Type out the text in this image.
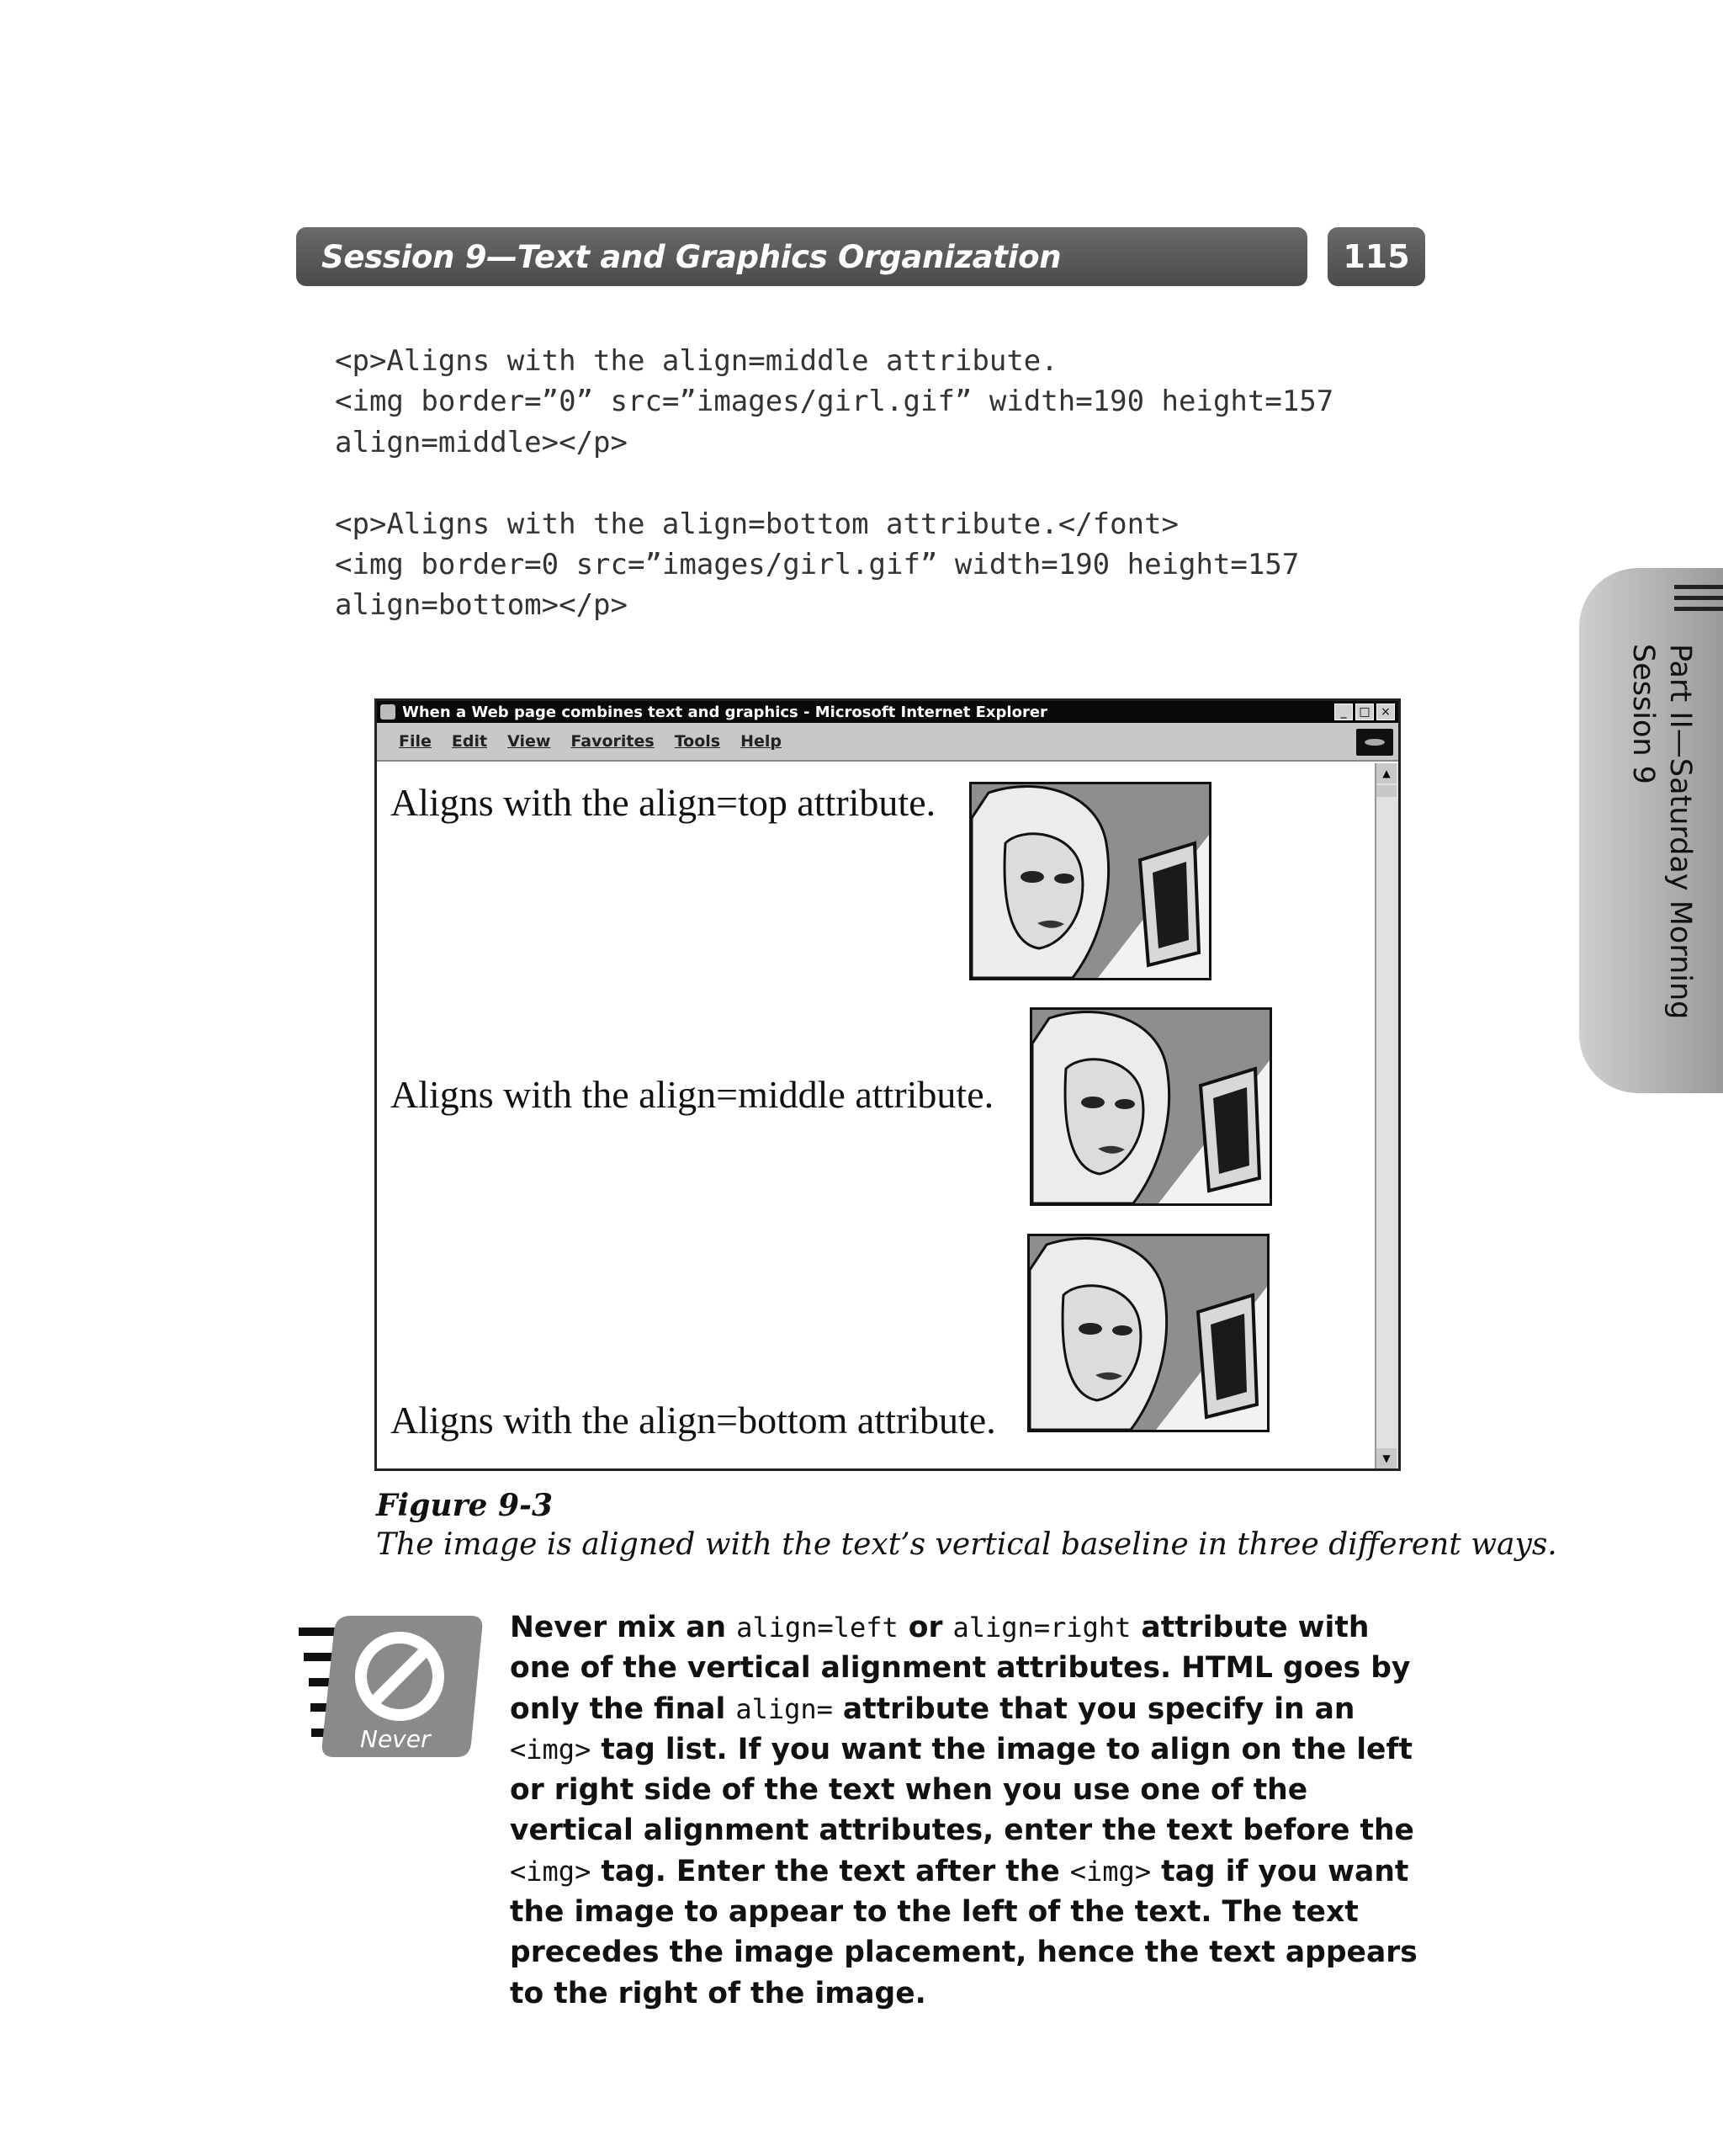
Session 9—Text and Graphics Organization	115
<p>Aligns with the align=middle attribute.
<img border=”0” src=”images/girl.gif” width=190 height=157
align=middle></p>

<p>Aligns with the align=bottom attribute.</font>
<img border=0 src=”images/girl.gif” width=190 height=157
align=bottom></p>
Part II—Saturday Morning
Session 9
When a Web page combines text and graphics - Microsoft Internet Explorer	_	□ ×
File Edit View Favorites Tools Help
Aligns with the align=top attribute.
Aligns with the align=middle attribute.
Aligns with the align=bottom attribute.
▲
▼
Figure 9-3
The image is aligned with the text’s vertical baseline in three different ways.
Never

Never mix an align=left or align=right attribute with one of the vertical alignment attributes. HTML goes by only the final align= attribute that you specify in an <img> tag list. If you want the image to align on the left or right side of the text when you use one of the vertical alignment attributes, enter the text before the <img> tag. Enter the text after the <img> tag if you want the image to appear to the left of the text. The text precedes the image placement, hence the text appears to the right of the image.
